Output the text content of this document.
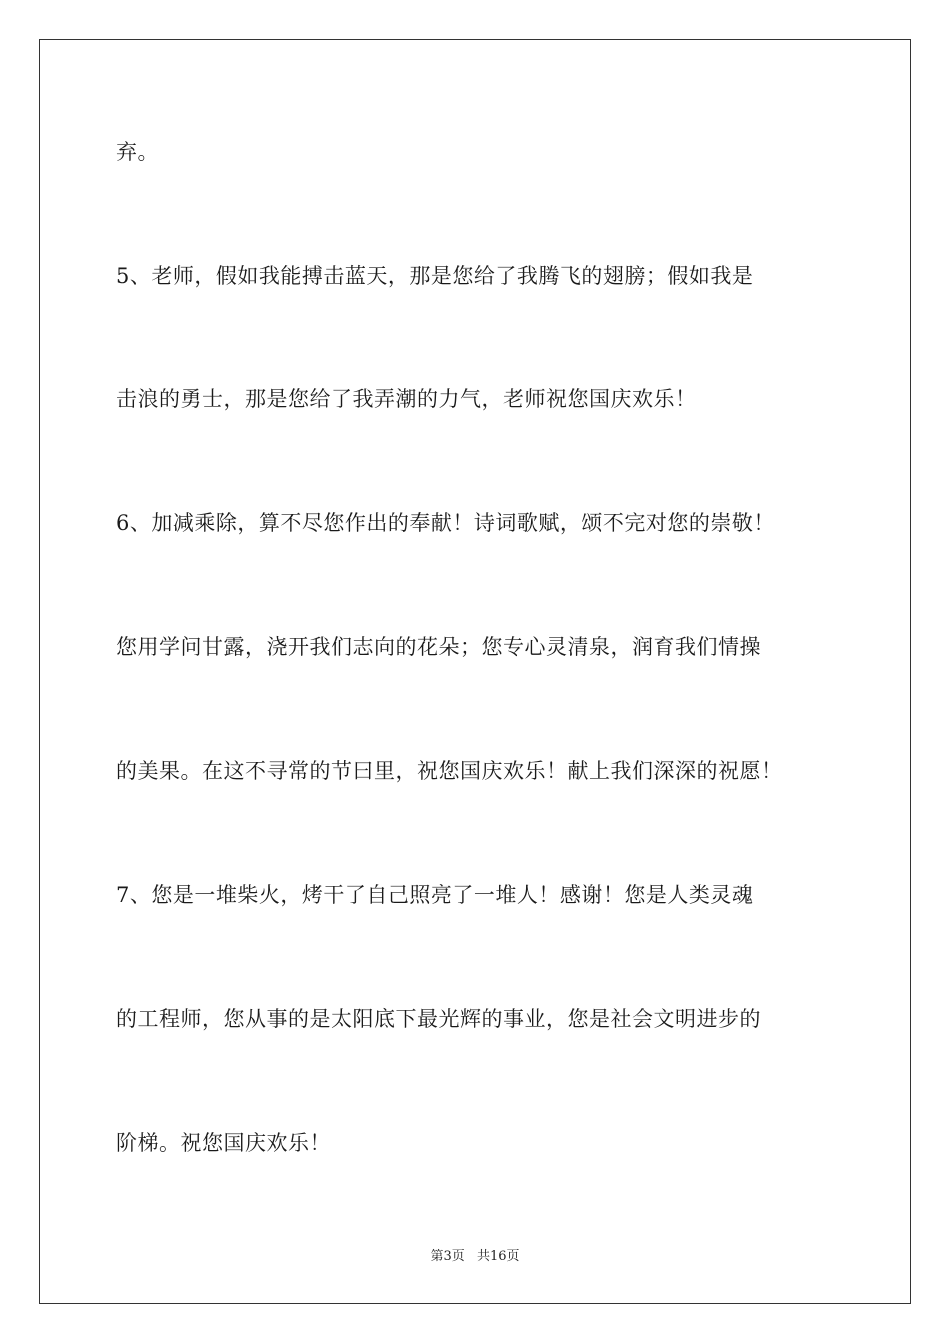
弃。
5、老师，假如我能搏击蓝天，那是您给了我腾飞的翅膀；假如我是
击浪的勇士，那是您给了我弄潮的力气，老师祝您国庆欢乐！
6、加减乘除，算不尽您作出的奉献！诗词歌赋，颂不完对您的崇敬！
您用学问甘露，浇开我们志向的花朵；您专心灵清泉，润育我们情操
的美果。在这不寻常的节曰里，祝您国庆欢乐！献上我们深深的祝愿！
7、您是一堆柴火，烤干了自己照亮了一堆人！感谢！您是人类灵魂
的工程师，您从事的是太阳底下最光辉的事业，您是社会文明进步的
阶梯。祝您国庆欢乐！
第3页 共16页
